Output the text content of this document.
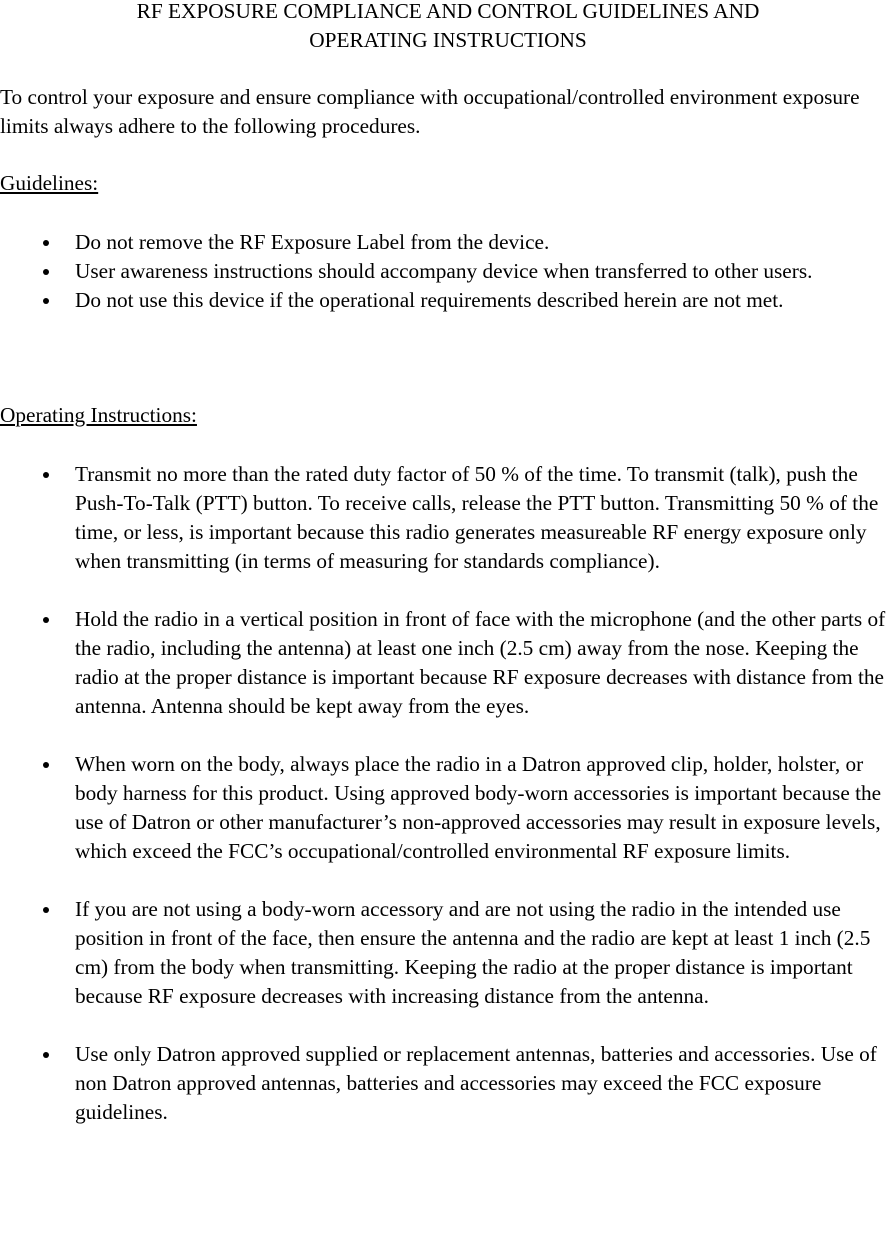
RF EXPOSURE COMPLIANCE AND CONTROL GUIDELINES AND
OPERATING INSTRUCTIONS

To control your exposure and ensure compliance with occupational/controlled environment exposure limits always adhere to the following procedures.

Guidelines:
Do not remove the RF Exposure Label from the device.
User awareness instructions should accompany device when transferred to other users.
Do not use this device if the operational requirements described herein are not met.
Operating Instructions:
Transmit no more than the rated duty factor of 50 % of the time. To transmit (talk), push the Push-To-Talk (PTT) button. To receive calls, release the PTT button. Transmitting 50 % of the time, or less, is important because this radio generates measureable RF energy exposure only when transmitting (in terms of measuring for standards compliance).
Hold the radio in a vertical position in front of face with the microphone (and the other parts of the radio, including the antenna) at least one inch (2.5 cm) away from the nose. Keeping the radio at the proper distance is important because RF exposure decreases with distance from the antenna. Antenna should be kept away from the eyes.
When worn on the body, always place the radio in a Datron approved clip, holder, holster, or body harness for this product. Using approved body-worn accessories is important because the use of Datron or other manufacturer’s non-approved accessories may result in exposure levels, which exceed the FCC’s occupational/controlled environmental RF exposure limits.
If you are not using a body-worn accessory and are not using the radio in the intended use position in front of the face, then ensure the antenna and the radio are kept at least 1 inch (2.5 cm) from the body when transmitting. Keeping the radio at the proper distance is important because RF exposure decreases with increasing distance from the antenna.
Use only Datron approved supplied or replacement antennas, batteries and accessories. Use of non Datron approved antennas, batteries and accessories may exceed the FCC exposure guidelines.
